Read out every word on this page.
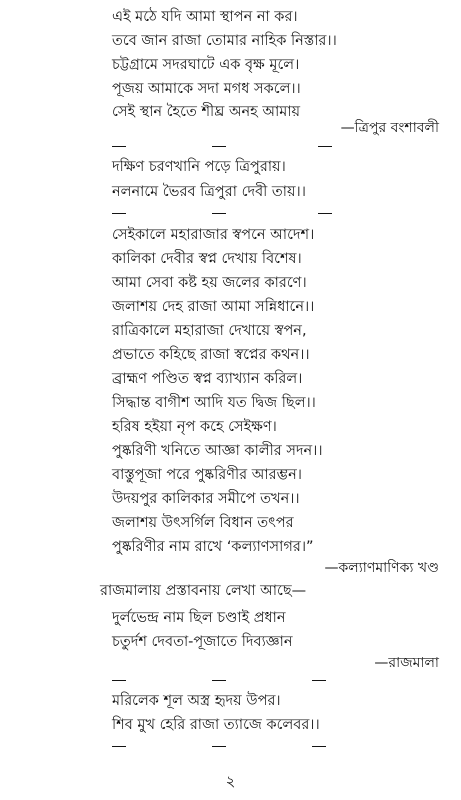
এই মঠে যদি আমা স্থাপন না কর।
তবে জান রাজা তোমার নাহিক নিস্তার।।
চট্টগ্রামে সদরঘাটে এক বৃক্ষ মূলে।
পূজয় আমাকে সদা মগধ সকলে।।
সেই স্থান হৈতে শীঘ্র অনহ আমায়
—ত্রিপুর বংশাবলী
দক্ষিণ চরণখানি পড়ে ত্রিপুরায়।
নলনামে ভৈরব ত্রিপুরা দেবী তায়।।
সেইকালে মহারাজার স্বপনে আদেশ।
কালিকা দেবীর স্বপ্ন দেখায় বিশেষ।
আমা সেবা কষ্ট হয় জলের কারণে।
জলাশয় দেহ রাজা আমা সন্নিধানে।।
রাত্রিকালে মহারাজা দেখায়ে স্বপন,
প্রভাতে কহিছে রাজা স্বপ্নের কথন।।
ব্রাহ্মণ পণ্ডিত স্বপ্ন ব্যাখ্যান করিল।
সিদ্ধান্ত বাগীশ আদি যত দ্বিজ ছিল।।
হরিষ হইয়া নৃপ কহে সেইক্ষণ।
পুষ্করিণী খনিতে আজ্ঞা কালীর সদন।।
বাস্তুপূজা পরে পুষ্করিণীর আরম্ভন।
উদয়পুর কালিকার সমীপে তখন।।
জলাশয় উৎসর্গিল বিধান তৎপর
পুষ্করিণীর নাম রাখে ‘কল্যাণসাগর।”
—কল্যাণমাণিক্য খণ্ড
রাজমালায় প্রস্তাবনায় লেখা আছে—
দুর্লভেন্দ্র নাম ছিল চণ্ডাই প্রধান
চতুর্দশ দেবতা-পূজাতে দিব্যজ্ঞান
—রাজমালা
মরিলেক শূল অস্ত্র হৃদয় উপর।
শিব মুখ হেরি রাজা ত্যাজে কলেবর।।
২
